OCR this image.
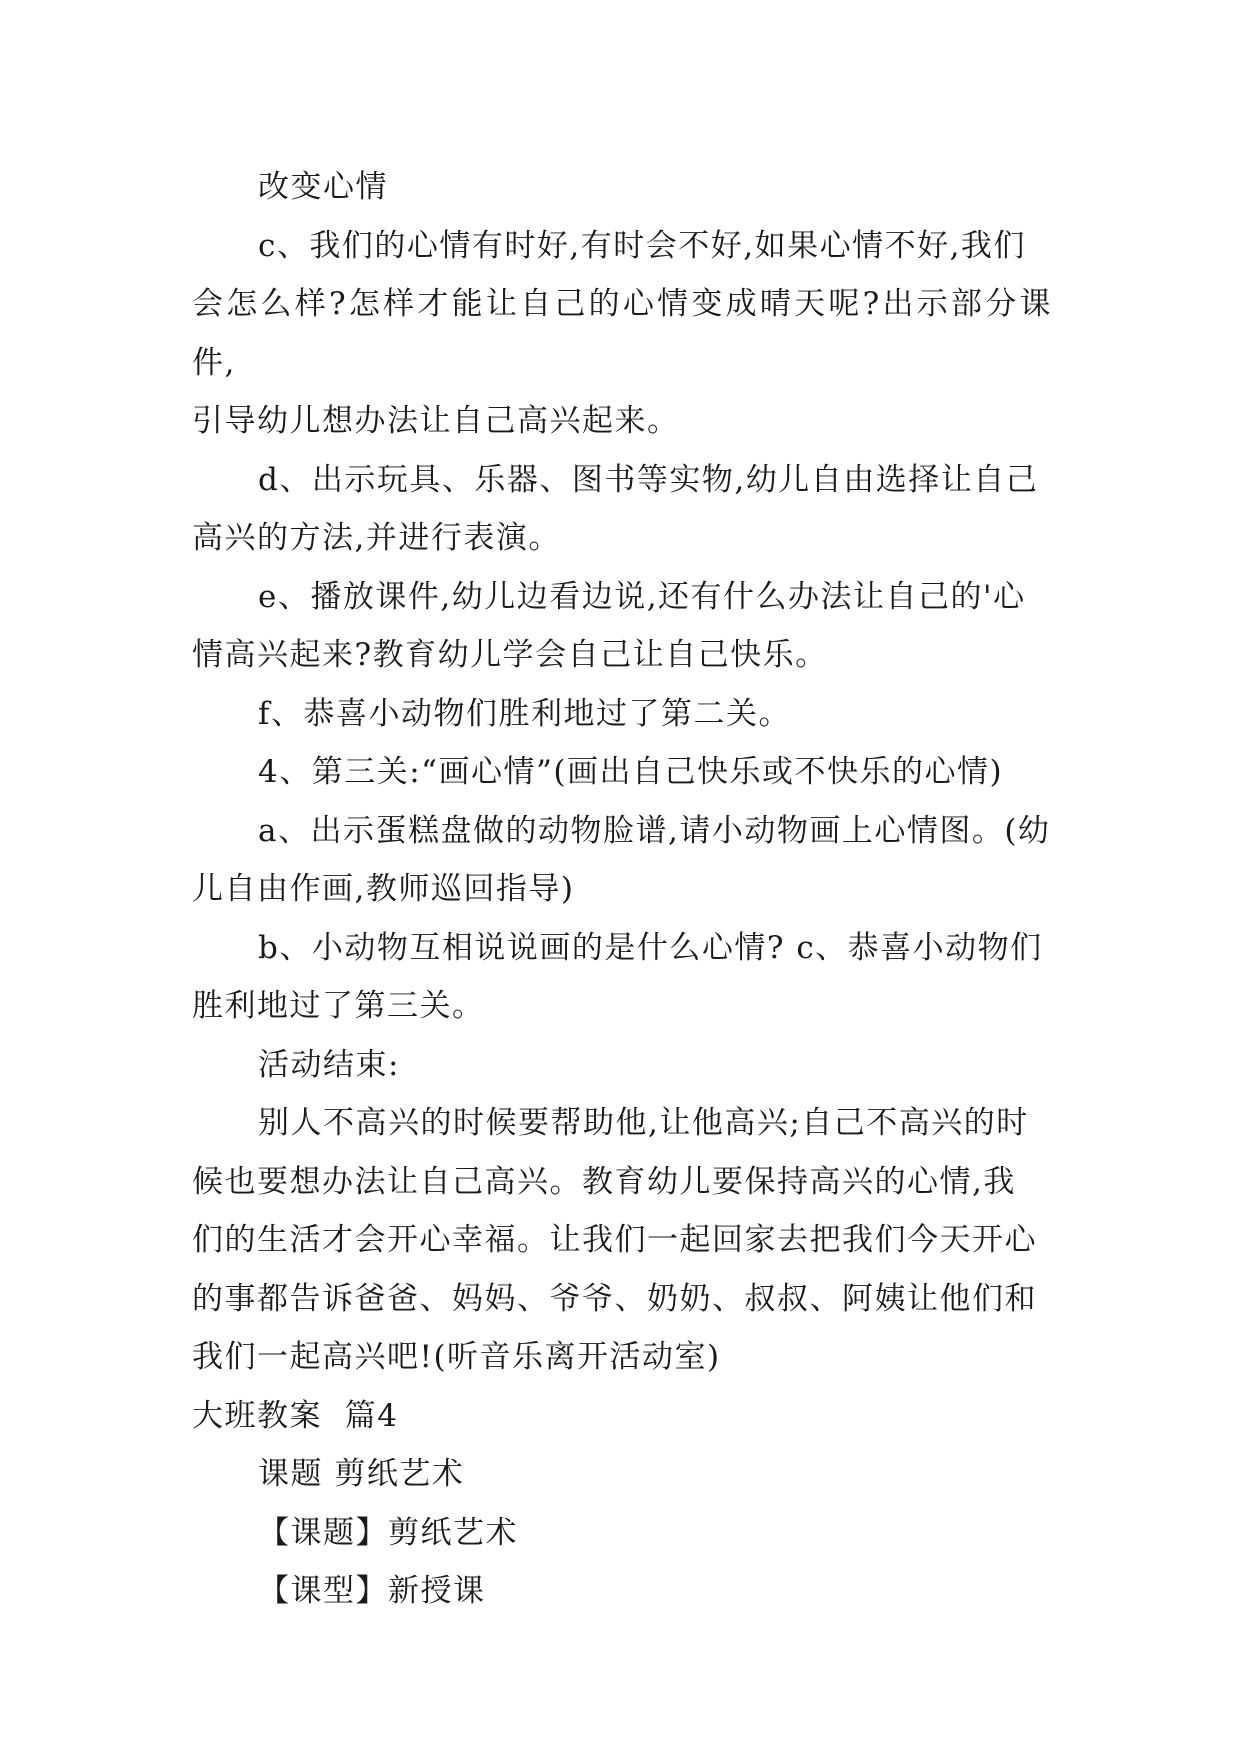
改变心情

c、我们的心情有时好,有时会不好,如果心情不好,我们
会怎么样?怎样才能让自己的心情变成晴天呢?出示部分课件,
引导幼儿想办法让自己高兴起来。

d、出示玩具、乐器、图书等实物,幼儿自由选择让自己
高兴的方法,并进行表演。

e、播放课件,幼儿边看边说,还有什么办法让自己的'心
情高兴起来?教育幼儿学会自己让自己快乐。

f、恭喜小动物们胜利地过了第二关。

4、第三关:“画心情”(画出自己快乐或不快乐的心情)

a、出示蛋糕盘做的动物脸谱,请小动物画上心情图。(幼
儿自由作画,教师巡回指导)

b、小动物互相说说画的是什么心情? c、恭喜小动物们
胜利地过了第三关。

活动结束:

别人不高兴的时候要帮助他,让他高兴;自己不高兴的时
候也要想办法让自己高兴。教育幼儿要保持高兴的心情,我
们的生活才会开心幸福。让我们一起回家去把我们今天开心
的事都告诉爸爸、妈妈、爷爷、奶奶、叔叔、阿姨让他们和
我们一起高兴吧!(听音乐离开活动室)

大班教案  篇4

课题 剪纸艺术

【课题】剪纸艺术

【课型】新授课
